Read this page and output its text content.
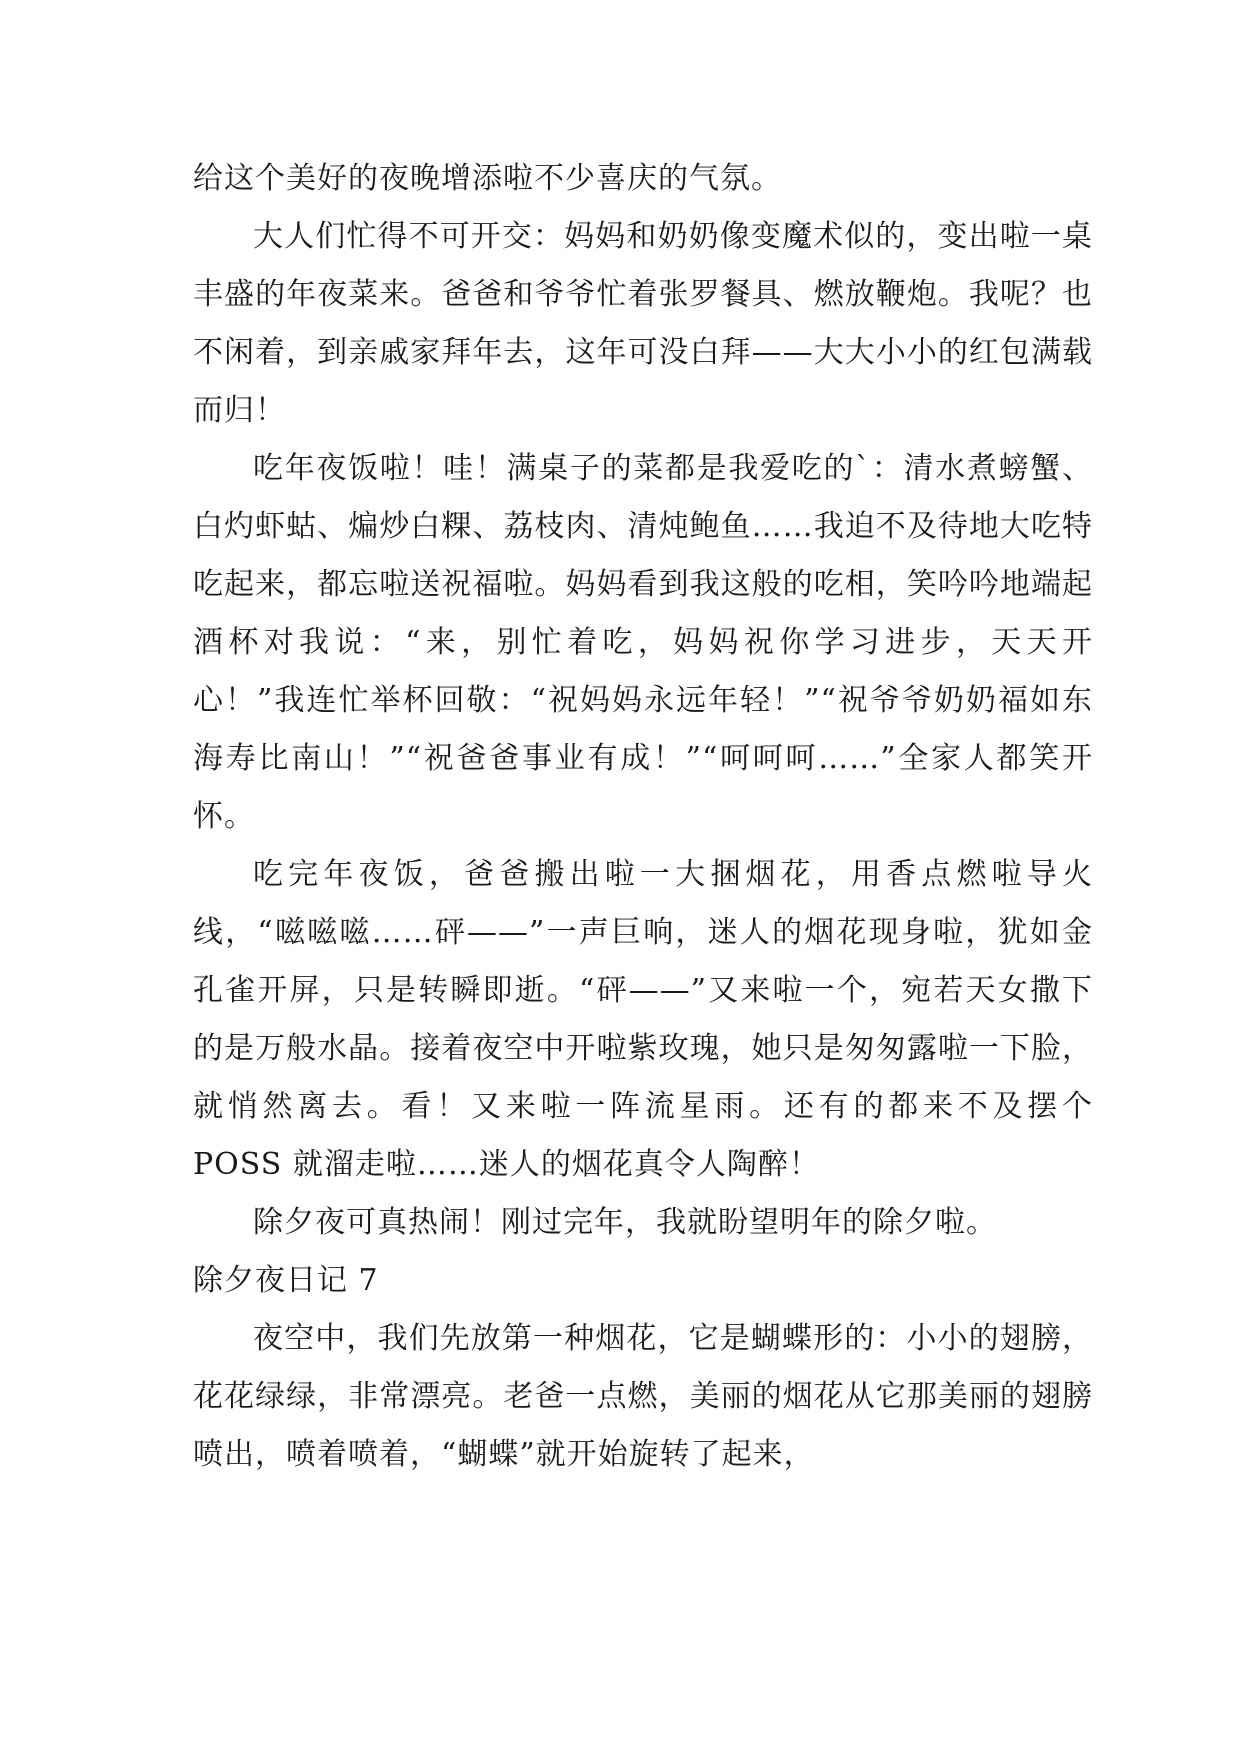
给这个美好的夜晚增添啦不少喜庆的气氛。

大人们忙得不可开交：妈妈和奶奶像变魔术似的，变出啦一桌丰盛的年夜菜来。爸爸和爷爷忙着张罗餐具、燃放鞭炮。我呢？也不闲着，到亲戚家拜年去，这年可没白拜——大大小小的红包满载而归！

吃年夜饭啦！哇！满桌子的菜都是我爱吃的`：清水煮螃蟹、白灼虾蛄、煸炒白粿、荔枝肉、清炖鲍鱼……我迫不及待地大吃特吃起来，都忘啦送祝福啦。妈妈看到我这般的吃相，笑吟吟地端起酒杯对我说：“来，别忙着吃，妈妈祝你学习进步，天天开心！”我连忙举杯回敬：“祝妈妈永远年轻！”“祝爷爷奶奶福如东海寿比南山！”“祝爸爸事业有成！”“呵呵呵……”全家人都笑开怀。

吃完年夜饭，爸爸搬出啦一大捆烟花，用香点燃啦导火线，“嗞嗞嗞……砰——”一声巨响，迷人的烟花现身啦，犹如金孔雀开屏，只是转瞬即逝。“砰——”又来啦一个，宛若天女撒下的是万般水晶。接着夜空中开啦紫玫瑰，她只是匆匆露啦一下脸，就悄然离去。看！又来啦一阵流星雨。还有的都来不及摆个 POSS 就溜走啦……迷人的烟花真令人陶醉！

除夕夜可真热闹！刚过完年，我就盼望明年的除夕啦。

除夕夜日记 7

夜空中，我们先放第一种烟花，它是蝴蝶形的：小小的翅膀，花花绿绿，非常漂亮。老爸一点燃，美丽的烟花从它那美丽的翅膀喷出，喷着喷着，“蝴蝶”就开始旋转了起来，
